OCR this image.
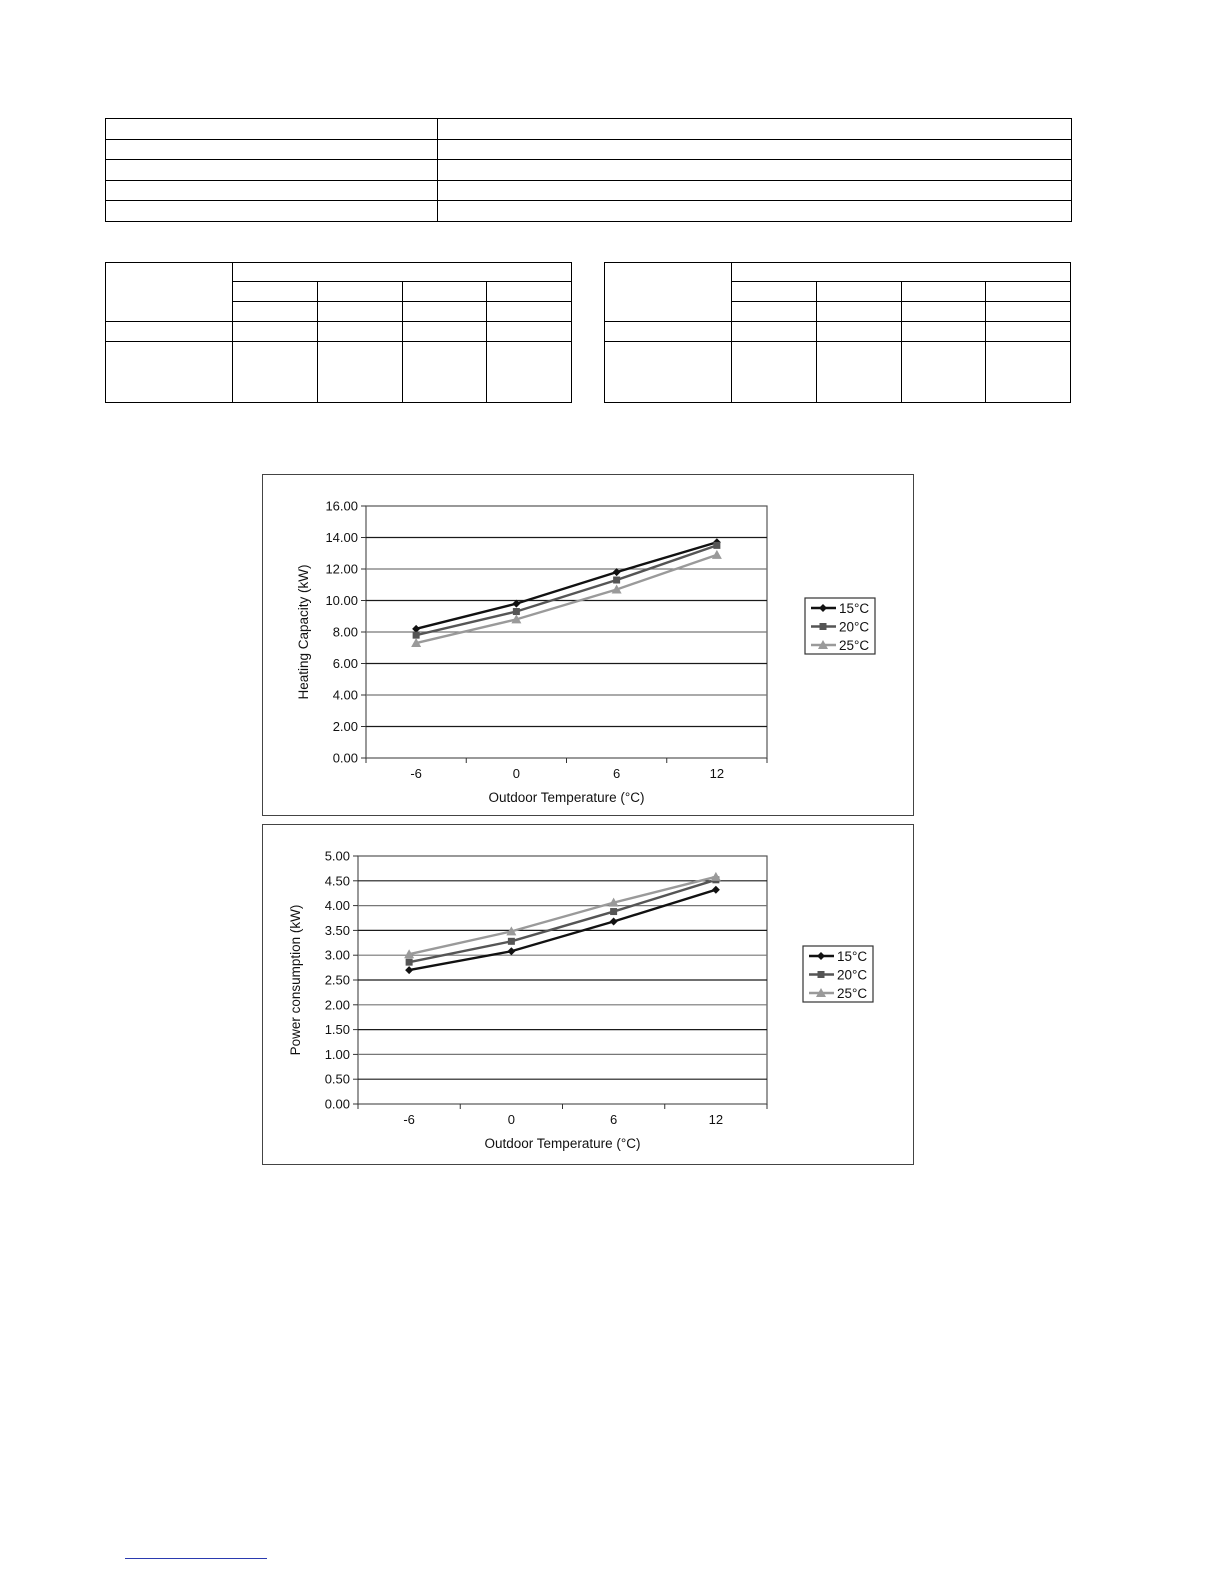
0.00
2.00
4.00
6.00
8.00
10.00
12.00
14.00
16.00
-6	0	6	12
Outdoor Temperature (°C)
Heating Capacity (kW)	15°C
20°C
25°C
0.00
0.50
1.00
1.50
2.00
2.50
3.00
3.50
4.00
4.50
5.00
-6	0	6	12
Outdoor Temperature (°C)
Power consumption (kW)	15°C
20°C
25°C
